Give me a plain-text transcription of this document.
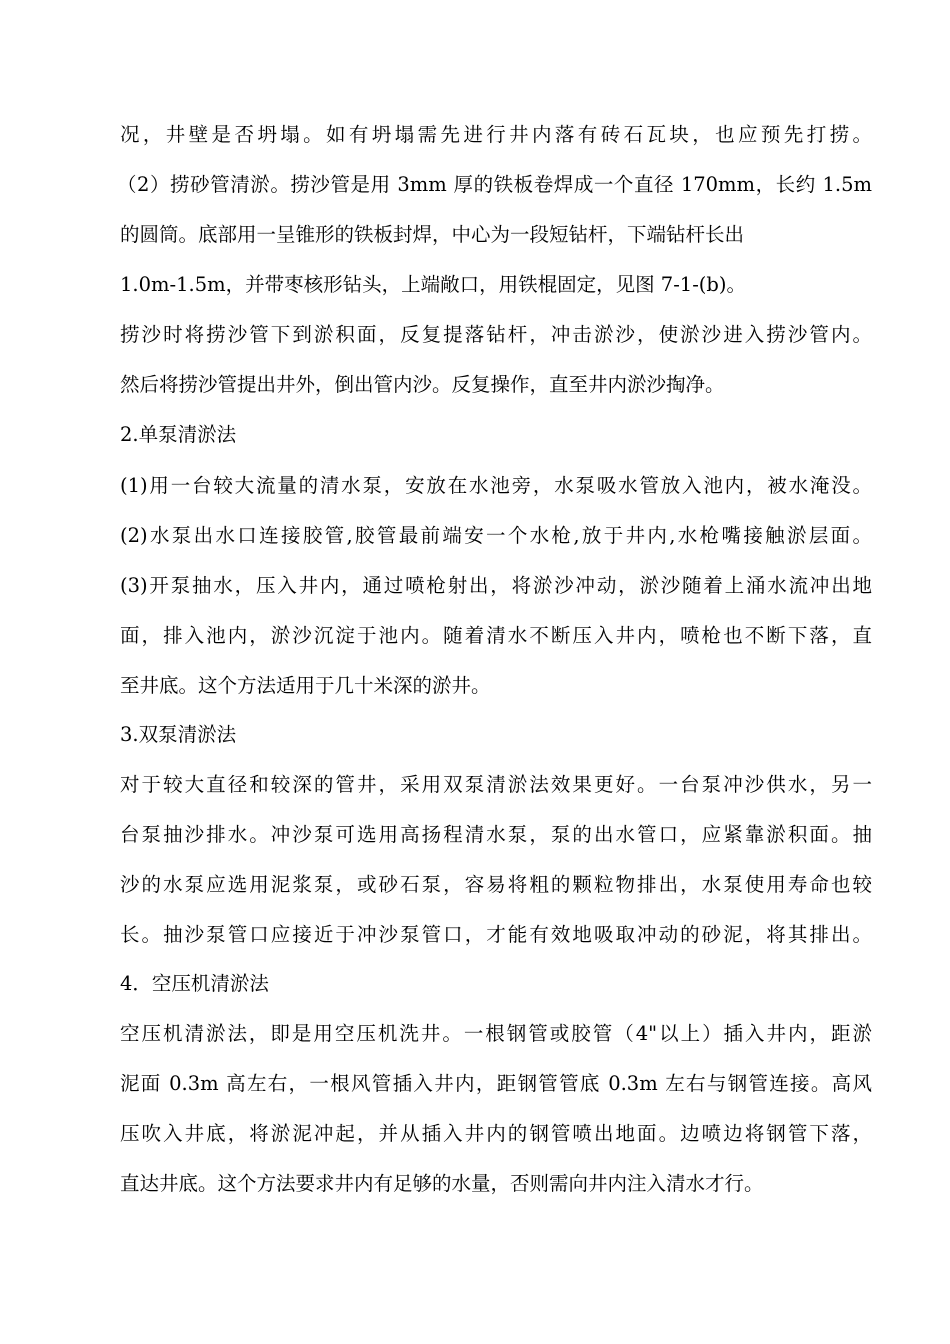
况，井壁是否坍塌。如有坍塌需先进行井内落有砖石瓦块，也应预先打捞。
（2）捞砂管清淤。捞沙管是用 3mm 厚的铁板卷焊成一个直径 170mm，长约 1.5m
的圆筒。底部用一呈锥形的铁板封焊，中心为一段短钻杆，下端钻杆长出
1.0m-1.5m，并带枣核形钻头，上端敞口，用铁棍固定，见图 7-1-(b)。
捞沙时将捞沙管下到淤积面，反复提落钻杆，冲击淤沙，使淤沙进入捞沙管内。
然后将捞沙管提出井外，倒出管内沙。反复操作，直至井内淤沙掏净。
2.单泵清淤法
(1)用一台较大流量的清水泵，安放在水池旁，水泵吸水管放入池内，被水淹没。
(2)水泵出水口连接胶管,胶管最前端安一个水枪,放于井内,水枪嘴接触淤层面。
(3)开泵抽水，压入井内，通过喷枪射出，将淤沙冲动，淤沙随着上涌水流冲出地
面，排入池内，淤沙沉淀于池内。随着清水不断压入井内，喷枪也不断下落，直
至井底。这个方法适用于几十米深的淤井。
3.双泵清淤法
对于较大直径和较深的管井，采用双泵清淤法效果更好。一台泵冲沙供水，另一
台泵抽沙排水。冲沙泵可选用高扬程清水泵，泵的出水管口，应紧靠淤积面。抽
沙的水泵应选用泥浆泵，或砂石泵，容易将粗的颗粒物排出，水泵使用寿命也较
长。抽沙泵管口应接近于冲沙泵管口，才能有效地吸取冲动的砂泥，将其排出。
4．空压机清淤法
空压机清淤法，即是用空压机洗井。一根钢管或胶管（4"以上）插入井内，距淤
泥面 0.3m 高左右，一根风管插入井内，距钢管管底 0.3m 左右与钢管连接。高风
压吹入井底，将淤泥冲起，并从插入井内的钢管喷出地面。边喷边将钢管下落，
直达井底。这个方法要求井内有足够的水量，否则需向井内注入清水才行。
